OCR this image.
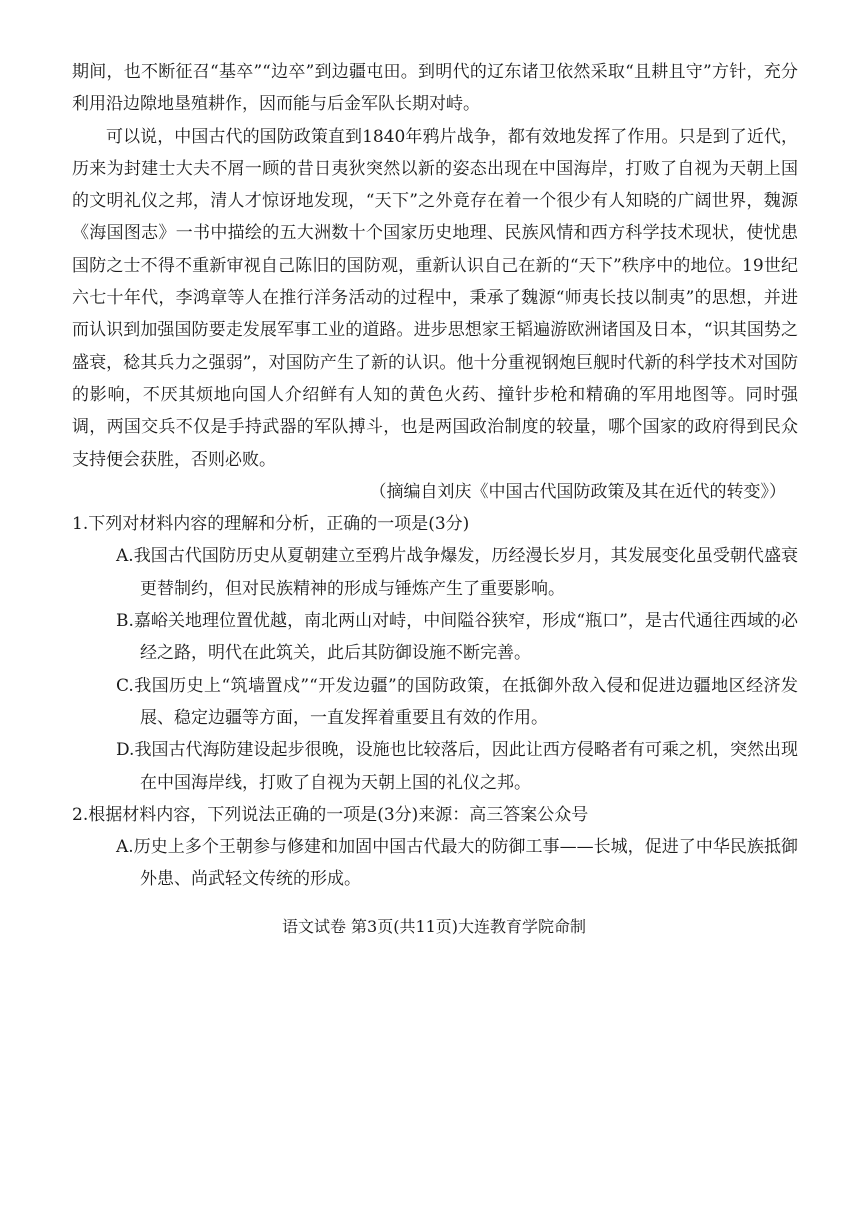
期间，也不断征召“基卒”“边卒”到边疆屯田。到明代的辽东诸卫依然采取“且耕且守”方针，充分利用沿边隙地垦殖耕作，因而能与后金军队长期对峙。

可以说，中国古代的国防政策直到1840年鸦片战争，都有效地发挥了作用。只是到了近代，历来为封建士大夫不屑一顾的昔日夷狄突然以新的姿态出现在中国海岸，打败了自视为天朝上国的文明礼仪之邦，清人才惊讶地发现，“天下”之外竟存在着一个很少有人知晓的广阔世界，魏源《海国图志》一书中描绘的五大洲数十个国家历史地理、民族风情和西方科学技术现状，使忧患国防之士不得不重新审视自己陈旧的国防观，重新认识自己在新的“天下”秩序中的地位。19世纪六七十年代，李鸿章等人在推行洋务活动的过程中，秉承了魏源“师夷长技以制夷”的思想，并进而认识到加强国防要走发展军事工业的道路。进步思想家王韬遍游欧洲诸国及日本，“识其国势之盛衰，稔其兵力之强弱”，对国防产生了新的认识。他十分重视钢炮巨舰时代新的科学技术对国防的影响，不厌其烦地向国人介绍鲜有人知的黄色火药、撞针步枪和精确的军用地图等。同时强调，两国交兵不仅是手持武器的军队搏斗，也是两国政治制度的较量，哪个国家的政府得到民众支持便会获胜，否则必败。

（摘编自刘庆《中国古代国防政策及其在近代的转变》）

1.下列对材料内容的理解和分析，正确的一项是(3分)

A.我国古代国防历史从夏朝建立至鸦片战争爆发，历经漫长岁月，其发展变化虽受朝代盛衰更替制约，但对民族精神的形成与锤炼产生了重要影响。

B.嘉峪关地理位置优越，南北两山对峙，中间隘谷狭窄，形成“瓶口”，是古代通往西域的必经之路，明代在此筑关，此后其防御设施不断完善。

C.我国历史上“筑墙置戍”“开发边疆”的国防政策，在抵御外敌入侵和促进边疆地区经济发展、稳定边疆等方面，一直发挥着重要且有效的作用。

D.我国古代海防建设起步很晚，设施也比较落后，因此让西方侵略者有可乘之机，突然出现在中国海岸线，打败了自视为天朝上国的礼仪之邦。

2.根据材料内容，下列说法正确的一项是(3分)来源：高三答案公众号

A.历史上多个王朝参与修建和加固中国古代最大的防御工事——长城，促进了中华民族抵御外患、尚武轻文传统的形成。

语文试卷 第3页(共11页)大连教育学院命制
